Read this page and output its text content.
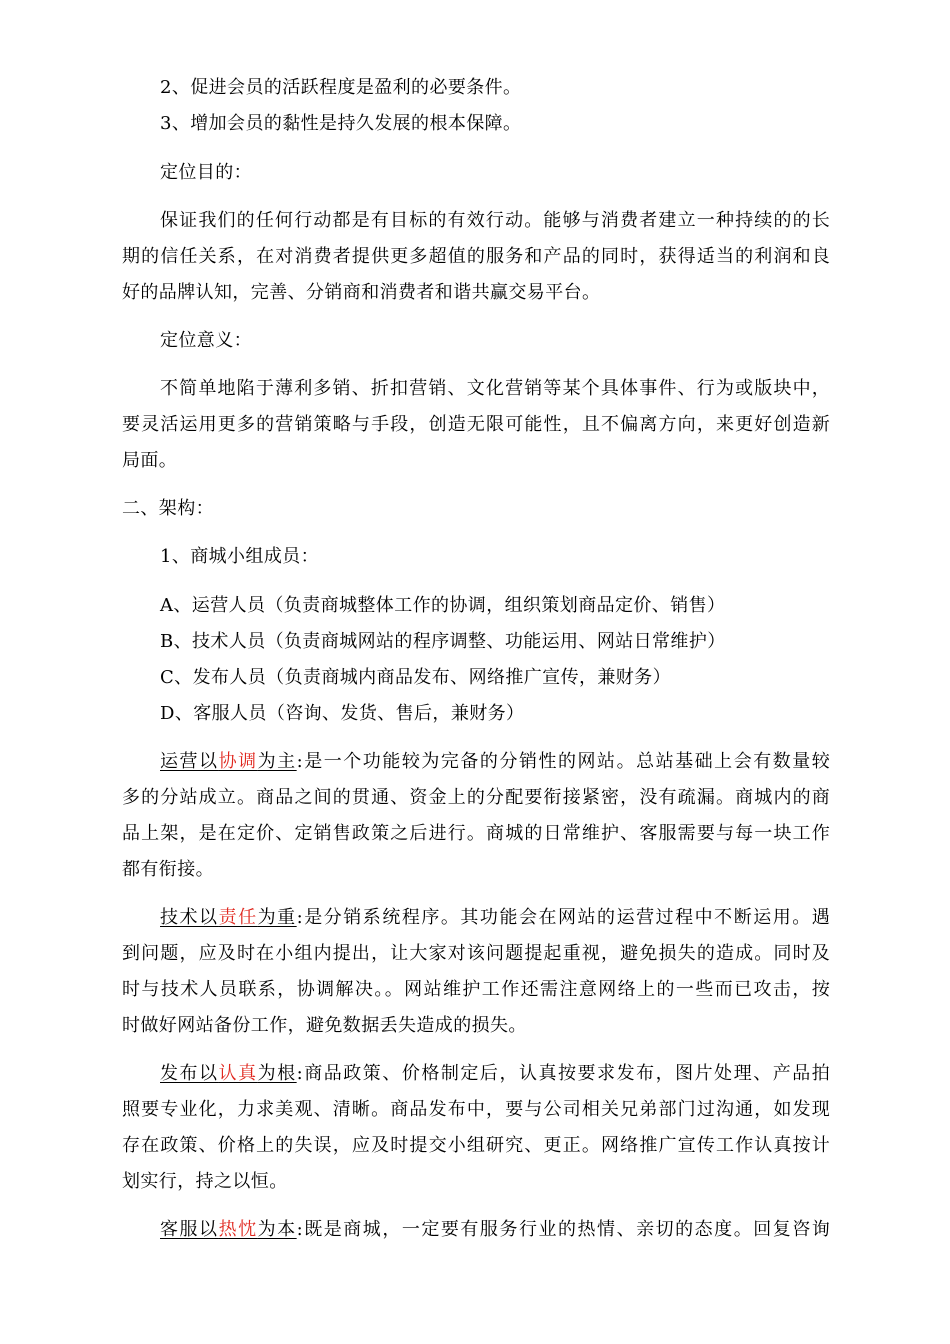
2、促进会员的活跃程度是盈利的必要条件。
3、增加会员的黏性是持久发展的根本保障。
定位目的：
保证我们的任何行动都是有目标的有效行动。能够与消费者建立一种持续的的长
期的信任关系，在对消费者提供更多超值的服务和产品的同时，获得适当的利润和良
好的品牌认知，完善、分销商和消费者和谐共赢交易平台。
定位意义：
不简单地陷于薄利多销、折扣营销、文化营销等某个具体事件、行为或版块中，
要灵活运用更多的营销策略与手段，创造无限可能性，且不偏离方向，来更好创造新
局面。
二、架构：
1、商城小组成员：
A、运营人员（负责商城整体工作的协调，组织策划商品定价、销售）
B、技术人员（负责商城网站的程序调整、功能运用、网站日常维护）
C、发布人员（负责商城内商品发布、网络推广宣传，兼财务）
D、客服人员（咨询、发货、售后，兼财务）
运营以协调为主:是一个功能较为完备的分销性的网站。总站基础上会有数量较
多的分站成立。商品之间的贯通、资金上的分配要衔接紧密，没有疏漏。商城内的商
品上架，是在定价、定销售政策之后进行。商城的日常维护、客服需要与每一块工作
都有衔接。
技术以责任为重:是分销系统程序。其功能会在网站的运营过程中不断运用。遇
到问题，应及时在小组内提出，让大家对该问题提起重视，避免损失的造成。同时及
时与技术人员联系，协调解决。。网站维护工作还需注意网络上的一些而已攻击，按
时做好网站备份工作，避免数据丢失造成的损失。
发布以认真为根:商品政策、价格制定后，认真按要求发布，图片处理、产品拍
照要专业化，力求美观、清晰。商品发布中，要与公司相关兄弟部门过沟通，如发现
存在政策、价格上的失误，应及时提交小组研究、更正。网络推广宣传工作认真按计
划实行，持之以恒。
客服以热忱为本:既是商城，一定要有服务行业的热情、亲切的态度。回复咨询
